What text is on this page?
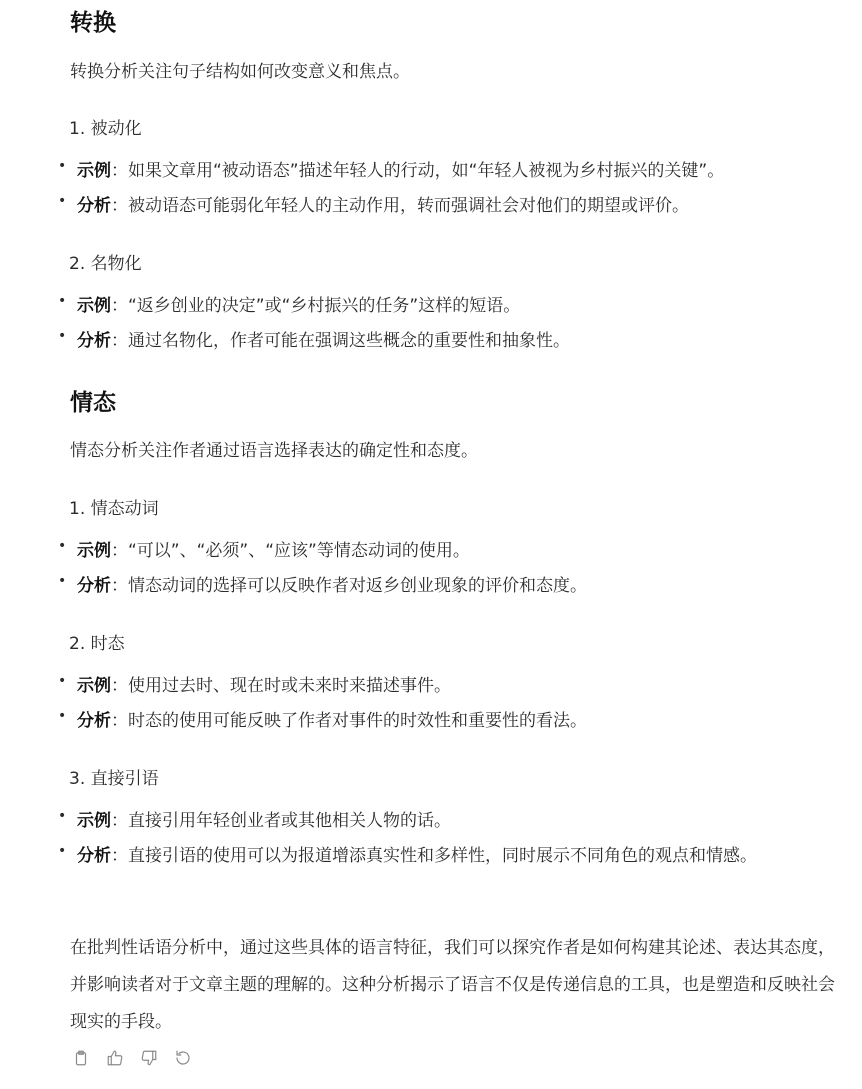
转换
转换分析关注句子结构如何改变意义和焦点。
1. 被动化
• 示例：如果文章用“被动语态”描述年轻人的行动，如“年轻人被视为乡村振兴的关键”。
• 分析：被动语态可能弱化年轻人的主动作用，转而强调社会对他们的期望或评价。
2. 名物化
• 示例：“返乡创业的决定”或“乡村振兴的任务”这样的短语。
• 分析：通过名物化，作者可能在强调这些概念的重要性和抽象性。
情态
情态分析关注作者通过语言选择表达的确定性和态度。
1. 情态动词
• 示例：“可以”、“必须”、“应该”等情态动词的使用。
• 分析：情态动词的选择可以反映作者对返乡创业现象的评价和态度。
2. 时态
• 示例：使用过去时、现在时或未来时来描述事件。
• 分析：时态的使用可能反映了作者对事件的时效性和重要性的看法。
3. 直接引语
• 示例：直接引用年轻创业者或其他相关人物的话。
• 分析：直接引语的使用可以为报道增添真实性和多样性，同时展示不同角色的观点和情感。
在批判性话语分析中，通过这些具体的语言特征，我们可以探究作者是如何构建其论述、表达其态度，并影响读者对于文章主题的理解的。这种分析揭示了语言不仅是传递信息的工具，也是塑造和反映社会现实的手段。
